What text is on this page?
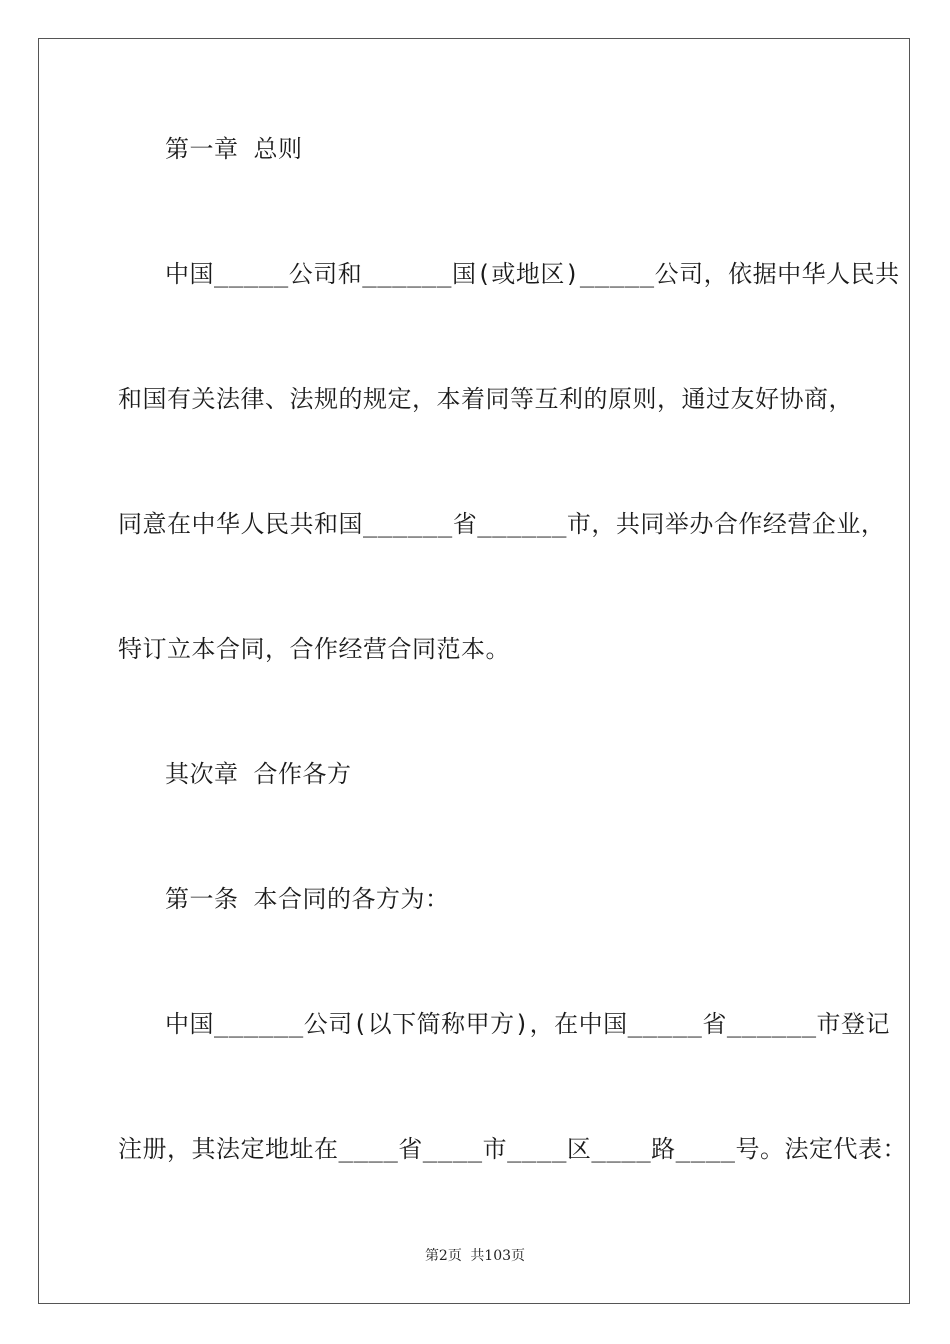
第一章 总则
中国_____公司和______国(或地区)_____公司，依据中华人民共
和国有关法律、法规的规定，本着同等互利的原则，通过友好协商，
同意在中华人民共和国______省______市，共同举办合作经营企业，
特订立本合同，合作经营合同范本。
其次章 合作各方
第一条 本合同的各方为：
中国______公司(以下简称甲方)，在中国_____省______市登记
注册，其法定地址在____省____市____区____路____号。法定代表：
第2页 共103页
